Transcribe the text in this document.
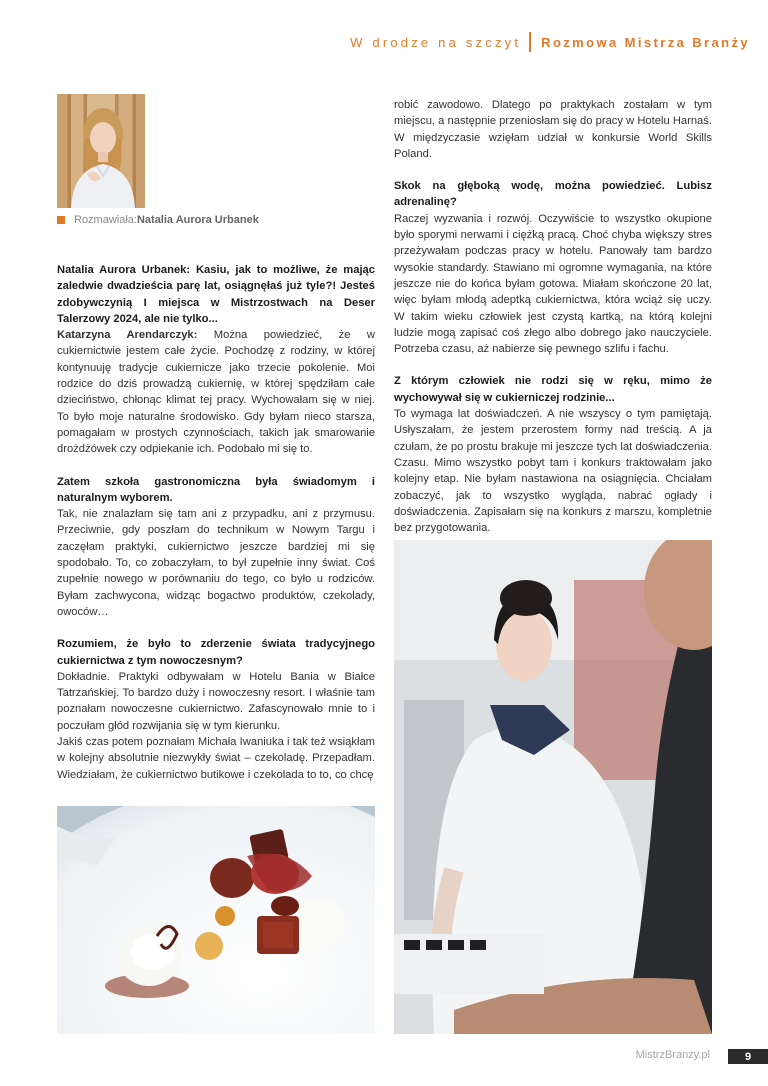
W drodze na szczyt Rozmowa Mistrza Branży
Rozmawiała: Natalia Aurora Urbanek

Natalia Aurora Urbanek: Kasiu, jak to możliwe, że mając zaledwie dwadzieścia parę lat, osiągnęłaś już tyle?! Jesteś zdobywczynią I miejsca w Mistrzostwach na Deser Talerzowy 2024, ale nie tylko...

Katarzyna Arendarczyk: Można powiedzieć, że w cukiernictwie jestem całe życie. Pochodzę z rodziny, w której kontynuuję tradycje cukiernicze jako trzecie pokolenie. Moi rodzice do dziś prowadzą cukiernię, w której spędziłam całe dzieciństwo, chłonąc klimat tej pracy. Wychowałam się w niej. To było moje naturalne środowisko. Gdy byłam nieco starsza, pomagałam w prostych czynnościach, takich jak smarowanie drożdżówek czy odpiekanie ich. Podobało mi się to.

Zatem szkoła gastronomiczna była świadomym i naturalnym wyborem.

Tak, nie znalazłam się tam ani z przypadku, ani z przymusu. Przeciwnie, gdy poszłam do technikum w Nowym Targu i zaczęłam praktyki, cukiernictwo jeszcze bardziej mi się spodobało. To, co zobaczyłam, to był zupełnie inny świat. Coś zupełnie nowego w porównaniu do tego, co było u rodziców. Byłam zachwycona, widząc bogactwo produktów, czekolady, owoców…

Rozumiem, że było to zderzenie świata tradycyjnego cukiernictwa z tym nowoczesnym?

Dokładnie. Praktyki odbywałam w Hotelu Bania w Białce Tatrzańskiej. To bardzo duży i nowoczesny resort. I właśnie tam poznałam nowoczesne cukiernictwo. Zafascynowało mnie to i poczułam głód rozwijania się w tym kierunku.

Jakiś czas potem poznałam Michała Iwaniuka i tak też wsiąkłam w kolejny absolutnie niezwykły świat – czekoladę. Przepadłam. Wiedziałam, że cukiernictwo butikowe i czekolada to to, co chcę

robić zawodowo. Dlatego po praktykach zostałam w tym miejscu, a następnie przeniosłam się do pracy w Hotelu Harnaś. W międzyczasie wzięłam udział w konkursie World Skills Poland.

Skok na głęboką wodę, można powiedzieć. Lubisz adrenalinę?

Raczej wyzwania i rozwój. Oczywiście to wszystko okupione było sporymi nerwami i ciężką pracą. Choć chyba większy stres przeżywałam podczas pracy w hotelu. Panowały tam bardzo wysokie standardy. Stawiano mi ogromne wymagania, na które jeszcze nie do końca byłam gotowa. Miałam skończone 20 lat, więc byłam młodą adeptką cukiernictwa, która wciąż się uczy. W takim wieku człowiek jest czystą kartką, na którą kolejni ludzie mogą zapisać coś złego albo dobrego jako nauczyciele. Potrzeba czasu, aż nabierze się pewnego szlifu i fachu.

Z którym człowiek nie rodzi się w ręku, mimo że wychowywał się w cukierniczej rodzinie...

To wymaga lat doświadczeń. A nie wszyscy o tym pamiętają. Usłyszałam, że jestem przerostem formy nad treścią. A ja czułam, że po prostu brakuje mi jeszcze tych lat doświadczenia. Czasu. Mimo wszystko pobyt tam i konkurs traktowałam jako kolejny etap. Nie byłam nastawiona na osiągnięcia. Chciałam zobaczyć, jak to wszystko wygląda, nabrać ogłady i doświadczenia. Zapisałam się na konkurs z marszu, kompletnie bez przygotowania.

MistrzBranzy.pl	9
